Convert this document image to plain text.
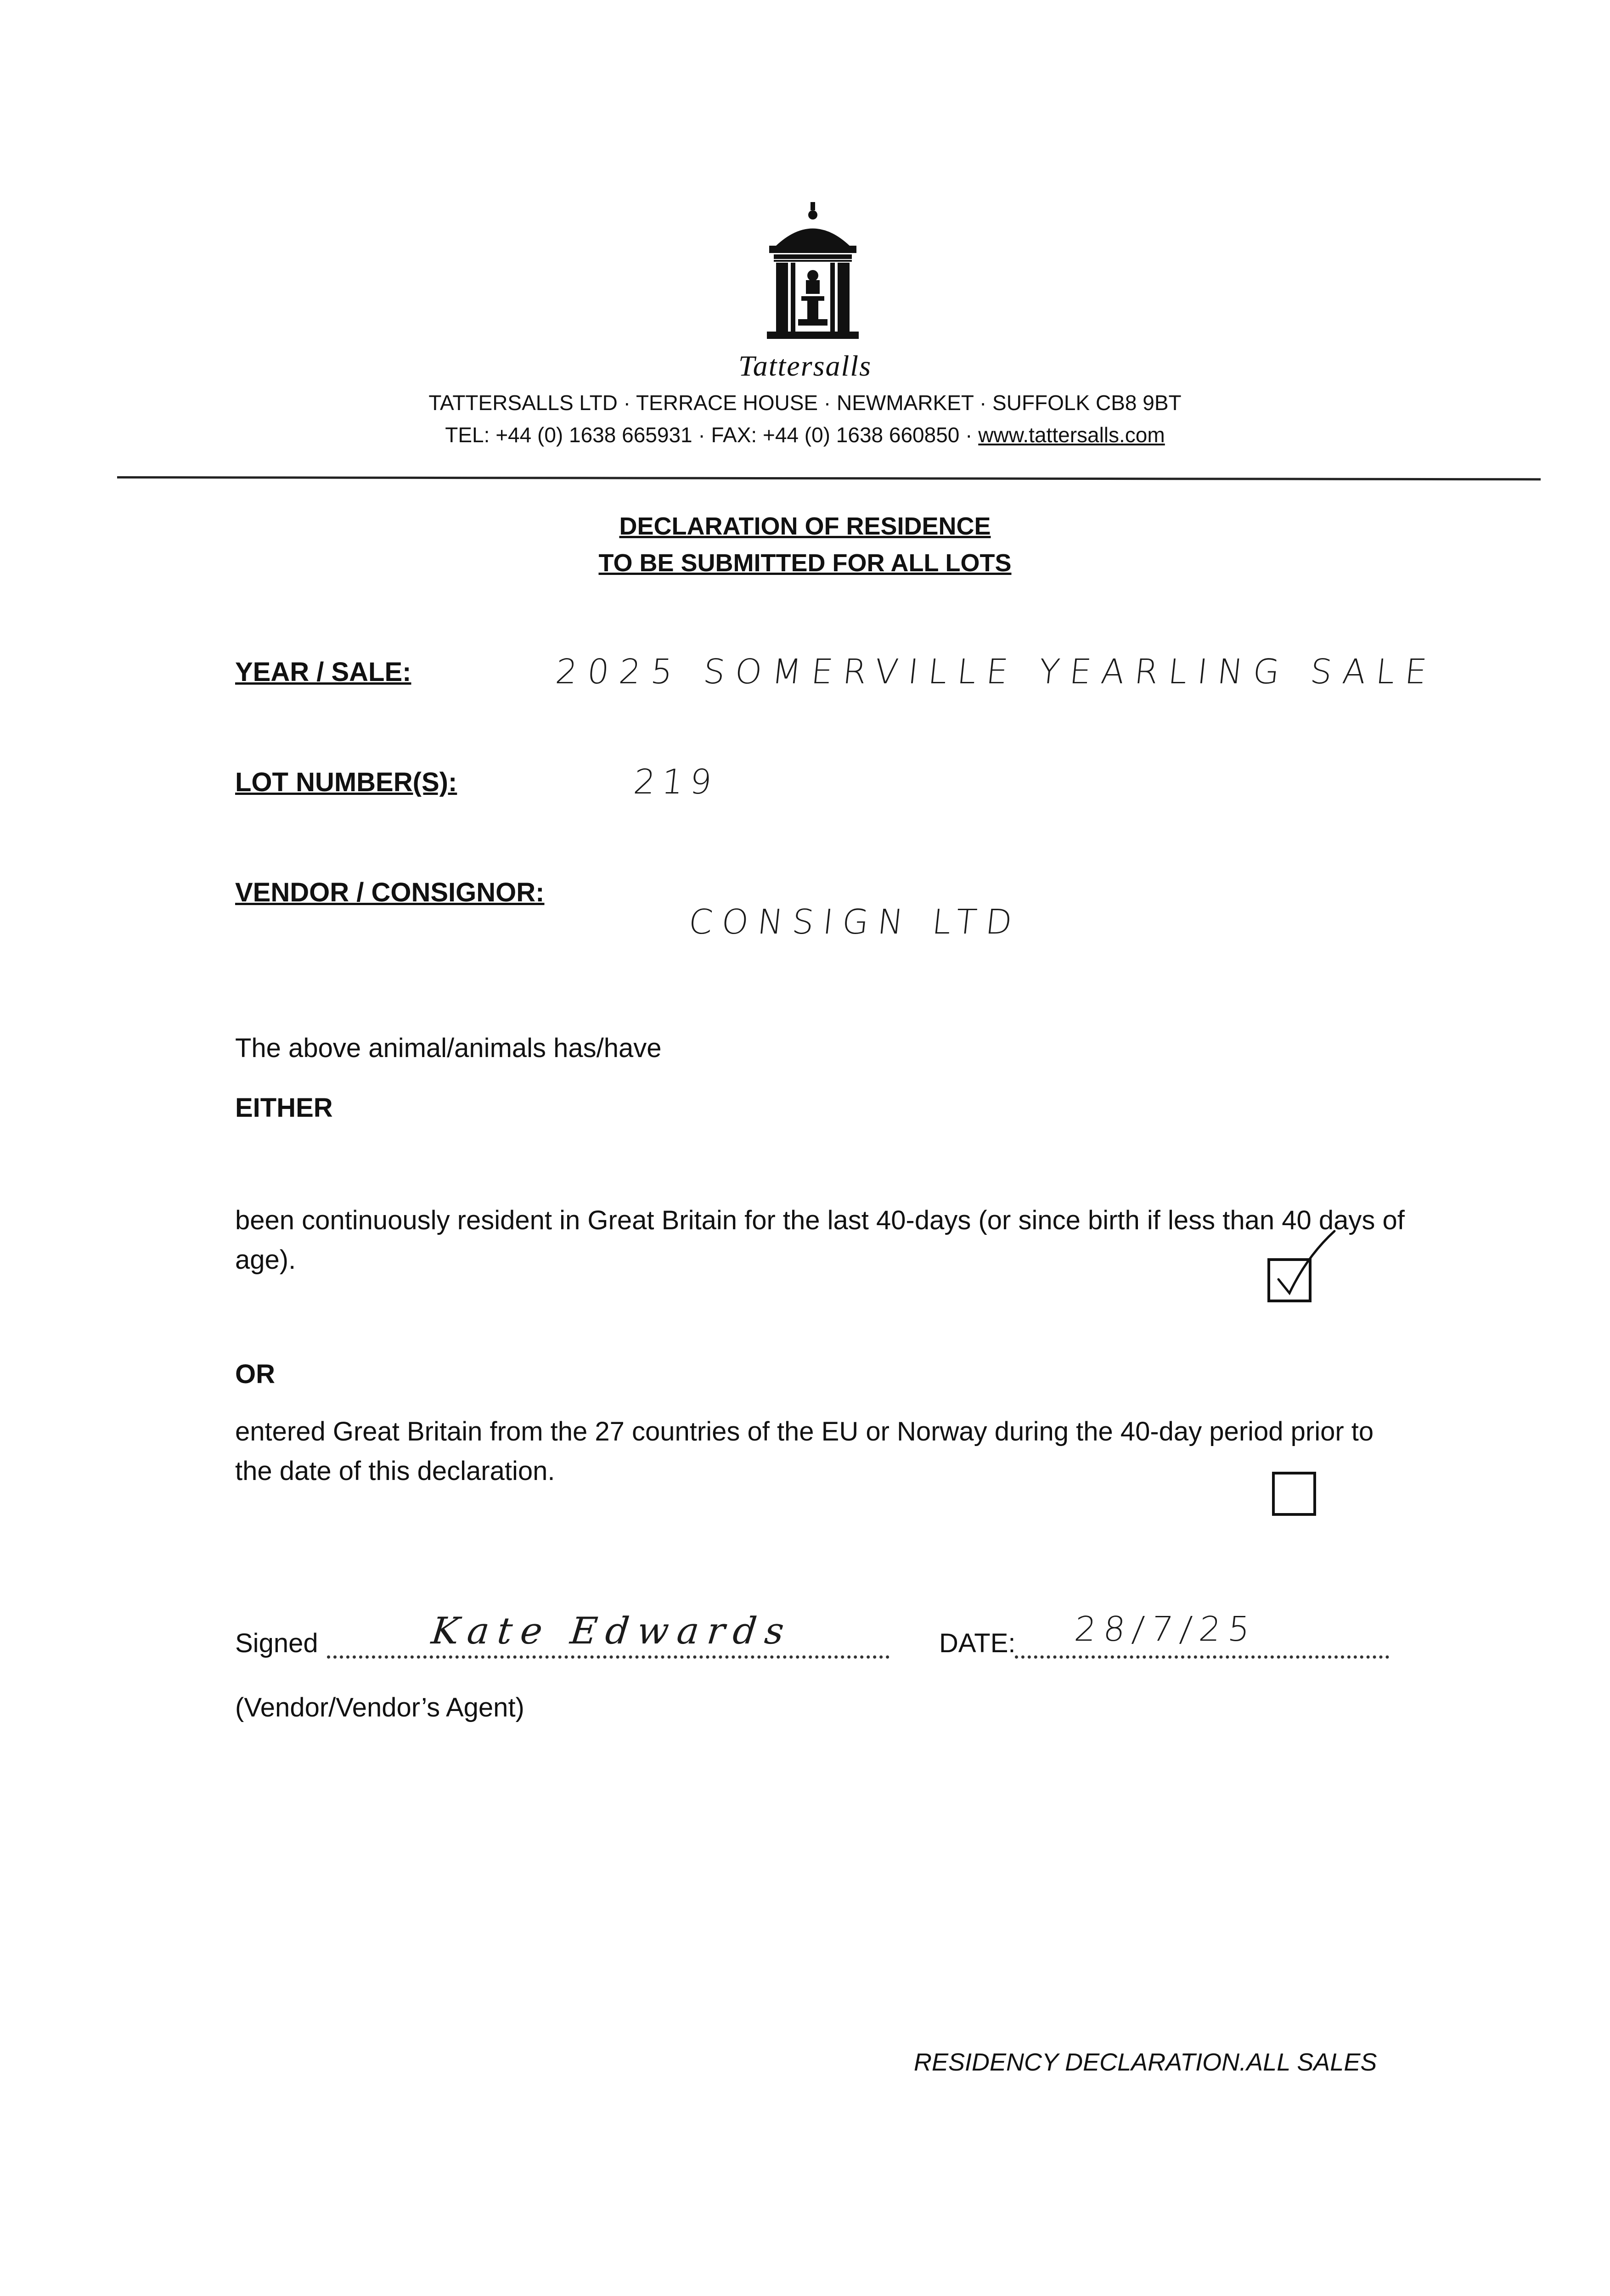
Tattersalls
TATTERSALLS LTD · TERRACE HOUSE · NEWMARKET · SUFFOLK CB8 9BT
TEL: +44 (0) 1638 665931 · FAX: +44 (0) 1638 660850 · www.tattersalls.com
DECLARATION OF RESIDENCE
TO BE SUBMITTED FOR ALL LOTS
YEAR / SALE:	2025 SOMERVILLE YEARLING SALE
LOT NUMBER(S):	219
VENDOR / CONSIGNOR:
CONSIGN LTD
The above animal/animals has/have
EITHER
been continuously resident in Great Britain for the last 40-days (or since birth if less than 40 days of age).
OR
entered Great Britain from the 27 countries of the EU or Norway during the 40-day period prior to the date of this declaration.
Signed	Kate Edwards	DATE: 28/7/25
(Vendor/Vendor’s Agent)
RESIDENCY DECLARATION.ALL SALES
